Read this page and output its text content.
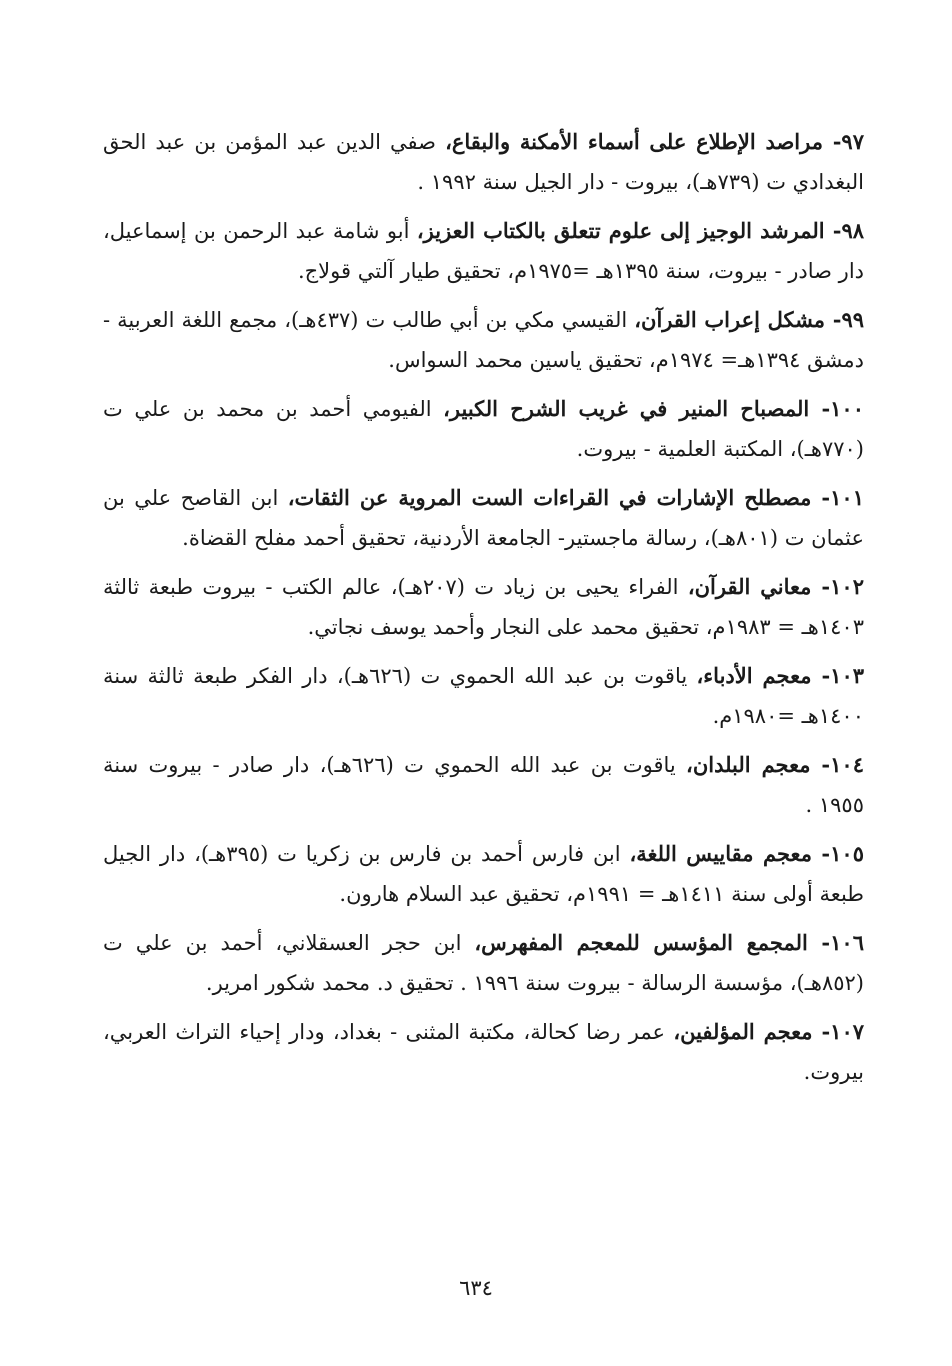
٩٧- مراصد الإطلاع على أسماء الأمكنة والبقاع، صفي الدين عبد المؤمن بن عبد الحق البغدادي ت (٧٣٩هـ)، بيروت - دار الجيل سنة ١٩٩٢ .

٩٨- المرشد الوجيز إلى علوم تتعلق بالكتاب العزيز، أبو شامة عبد الرحمن بن إسماعيل، دار صادر - بيروت، سنة ١٣٩٥هـ =١٩٧٥م، تحقيق طيار آلتي قولاج.

٩٩- مشكل إعراب القرآن، القيسي مكي بن أبي طالب ت (٤٣٧هـ)، مجمع اللغة العربية - دمشق ١٣٩٤هـ= ١٩٧٤م، تحقيق ياسين محمد السواس.

١٠٠- المصباح المنير في غريب الشرح الكبير، الفيومي أحمد بن محمد بن علي ت (٧٧٠هـ)، المكتبة العلمية - بيروت.

١٠١- مصطلح الإشارات في القراءات الست المروية عن الثقات، ابن القاصح علي بن عثمان ت (٨٠١هـ)، رسالة ماجستير- الجامعة الأردنية، تحقيق أحمد مفلح القضاة.

١٠٢- معاني القرآن، الفراء يحيى بن زياد ت (٢٠٧هـ)، عالم الكتب - بيروت طبعة ثالثة ١٤٠٣هـ = ١٩٨٣م، تحقيق محمد على النجار وأحمد يوسف نجاتي.

١٠٣- معجم الأدباء، ياقوت بن عبد الله الحموي ت (٦٢٦هـ)، دار الفكر طبعة ثالثة سنة ١٤٠٠هـ =١٩٨٠م.

١٠٤- معجم البلدان، ياقوت بن عبد الله الحموي ت (٦٢٦هـ)، دار صادر - بيروت سنة ١٩٥٥ .

١٠٥- معجم مقاييس اللغة، ابن فارس أحمد بن فارس بن زكريا ت (٣٩٥هـ)، دار الجيل طبعة أولى سنة ١٤١١هـ = ١٩٩١م، تحقيق عبد السلام هارون.

١٠٦- المجمع المؤسس للمعجم المفهرس، ابن حجر العسقلاني، أحمد بن علي ت (٨٥٢هـ)، مؤسسة الرسالة - بيروت سنة ١٩٩٦ . تحقيق د. محمد شكور امرير.

١٠٧- معجم المؤلفين، عمر رضا كحالة، مكتبة المثنى - بغداد، ودار إحياء التراث العربي، بيروت.

٦٣٤
